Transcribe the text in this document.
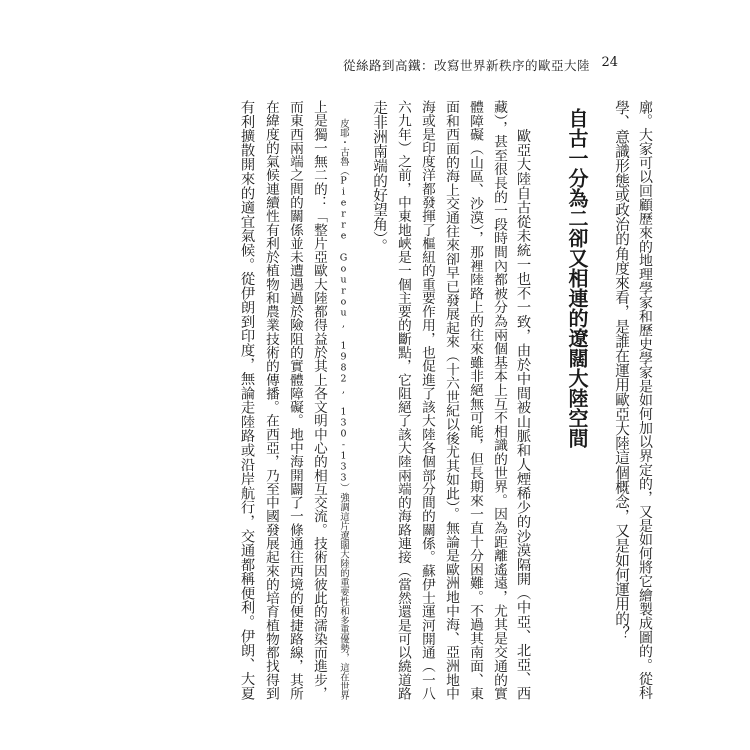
從絲路到高鐵：改寫世界新秩序的歐亞大陸 24
廓。大家可以回顧歷來的地理學家和歷史學家是如何加以界定的，又是如何將它繪製成圖的。從科
學、意識形態或政治的角度來看，是誰在運用歐亞大陸這個概念，又是如何運用的？
自古一分為二卻又相連的遼闊大陸空間
　　歐亞大陸自古從未統一也不一致，由於中間被山脈和人煙稀少的沙漠隔開（中亞、北亞、西
藏），甚至很長的一段時間內都被分為兩個基本上互不相識的世界。因為距離遙遠，尤其是交通的實
體障礙（山區、沙漠），那裡陸路上的往來雖非絕無可能，但長期來一直十分困難。不過其南面、東
面和西面的海上交通往來卻早已發展起來（十六世紀以後尤其如此）。無論是歐洲地中海、亞洲地中
海或是印度洋都發揮了樞紐的重要作用，也促進了該大陸各個部分間的關係。蘇伊士運河開通（一八
六九年）之前，中東地峽是一個主要的斷點，它阻絕了該大陸兩端的海路連接（當然還是可以繞道路
走非洲南端的好望角）。
　　皮耶・古魯（Pierre Gourou, 1982, 130-133）強調這片遼闊大陸的重要性和多重優勢，這在世界
上是獨一無二的：「整片亞歐大陸都得益於其上各文明中心的相互交流。技術因彼此的濡染而進步，
而東西兩端之間的關係並未遭遇過於險阻的實體障礙。地中海開闢了一條通往西境的便捷路線，其所
在緯度的氣候連續性有利於植物和農業技術的傳播。在西亞，乃至中國發展起來的培育植物都找得到
有利擴散開來的適宜氣候。從伊朗到印度，無論走陸路或沿岸航行，交通都稱便利。伊朗、大夏
